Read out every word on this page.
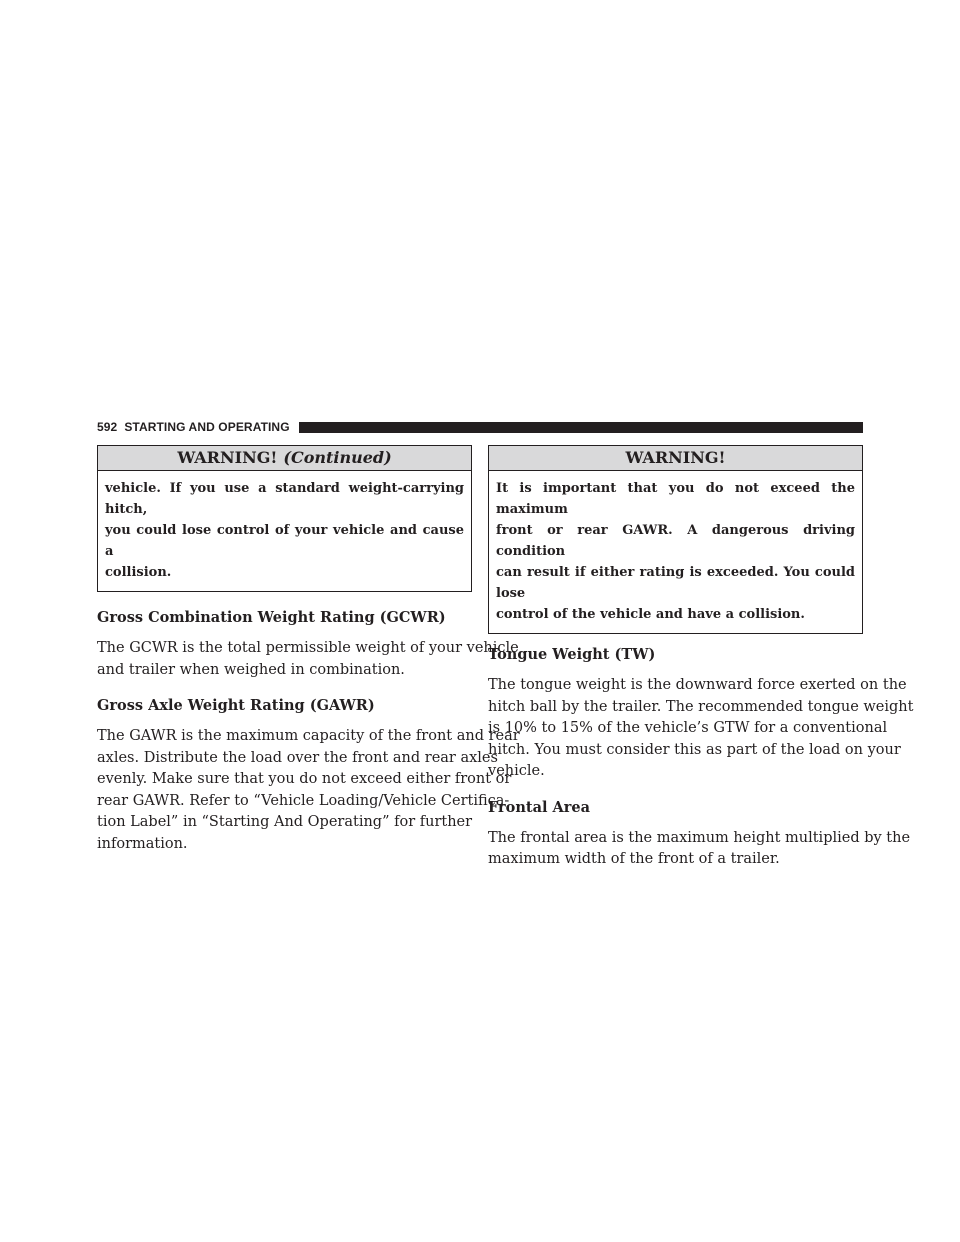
592 STARTING AND OPERATING
WARNING! (Continued)
vehicle. If you use a standard weight-carrying hitch,
you could lose control of your vehicle and cause a
collision.

Gross Combination Weight Rating (GCWR)

The GCWR is the total permissible weight of your vehicle
and trailer when weighed in combination.

Gross Axle Weight Rating (GAWR)

The GAWR is the maximum capacity of the front and rear
axles. Distribute the load over the front and rear axles
evenly. Make sure that you do not exceed either front or
rear GAWR. Refer to “Vehicle Loading/Vehicle Certifica-
tion Label” in “Starting And Operating” for further
information.

WARNING!
It is important that you do not exceed the maximum
front or rear GAWR. A dangerous driving condition
can result if either rating is exceeded. You could lose
control of the vehicle and have a collision.

Tongue Weight (TW)

The tongue weight is the downward force exerted on the
hitch ball by the trailer. The recommended tongue weight
is 10% to 15% of the vehicle’s GTW for a conventional
hitch. You must consider this as part of the load on your
vehicle.

Frontal Area

The frontal area is the maximum height multiplied by the
maximum width of the front of a trailer.
